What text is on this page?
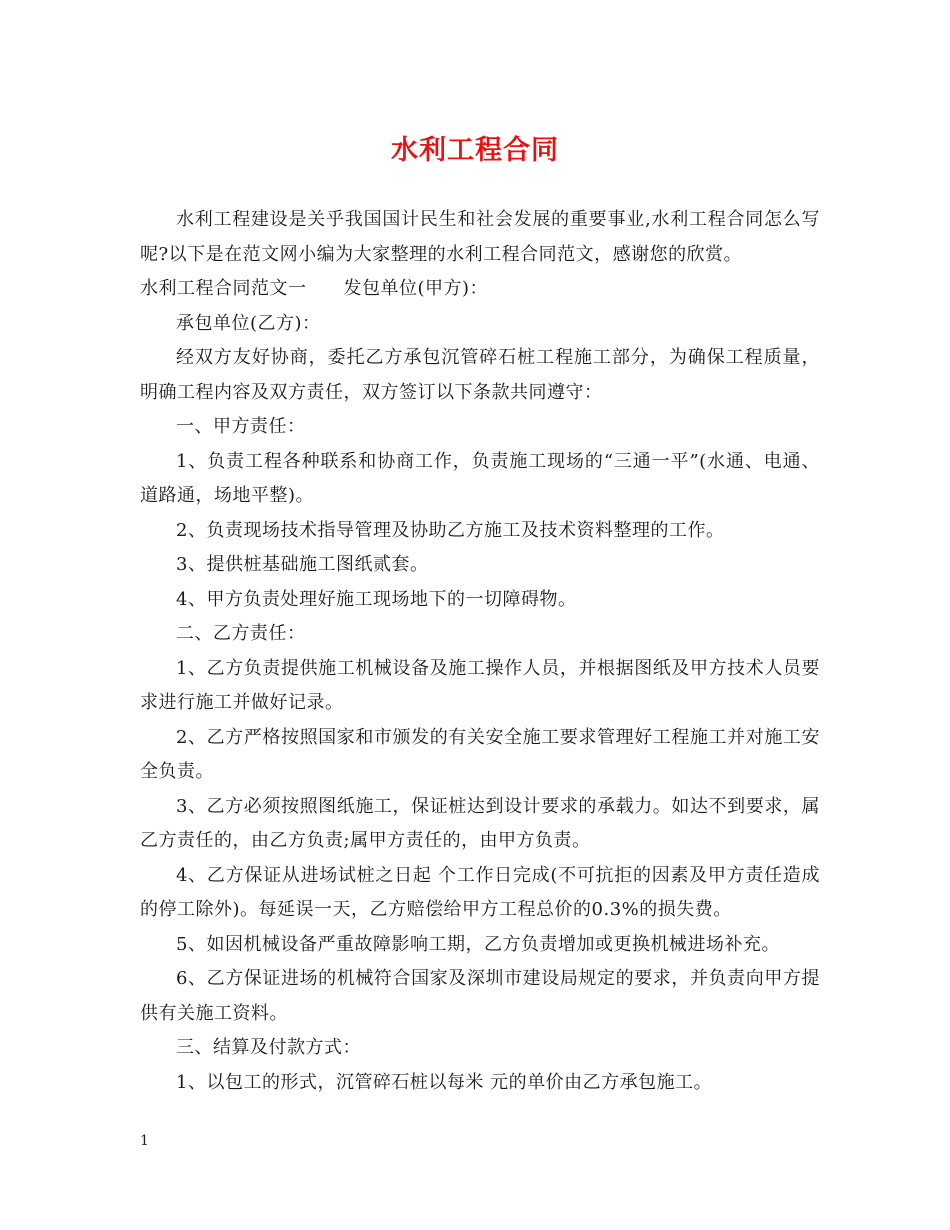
水利工程合同

水利工程建设是关乎我国国计民生和社会发展的重要事业,水利工程合同怎么写呢?以下是在范文网小编为大家整理的水利工程合同范文，感谢您的欣赏。

水利工程合同范文一　　发包单位(甲方)：

承包单位(乙方)：

经双方友好协商，委托乙方承包沉管碎石桩工程施工部分，为确保工程质量，明确工程内容及双方责任，双方签订以下条款共同遵守：

一、甲方责任：

1、负责工程各种联系和协商工作，负责施工现场的“三通一平”(水通、电通、道路通，场地平整)。

2、负责现场技术指导管理及协助乙方施工及技术资料整理的工作。

3、提供桩基础施工图纸贰套。

4、甲方负责处理好施工现场地下的一切障碍物。

二、乙方责任：

1、乙方负责提供施工机械设备及施工操作人员，并根据图纸及甲方技术人员要求进行施工并做好记录。

2、乙方严格按照国家和市颁发的有关安全施工要求管理好工程施工并对施工安全负责。

3、乙方必须按照图纸施工，保证桩达到设计要求的承载力。如达不到要求，属乙方责任的，由乙方负责;属甲方责任的，由甲方负责。

4、乙方保证从进场试桩之日起 个工作日完成(不可抗拒的因素及甲方责任造成的停工除外)。每延误一天，乙方赔偿给甲方工程总价的0.3%的损失费。

5、如因机械设备严重故障影响工期，乙方负责增加或更换机械进场补充。

6、乙方保证进场的机械符合国家及深圳市建设局规定的要求，并负责向甲方提供有关施工资料。

三、结算及付款方式：

1、以包工的形式，沉管碎石桩以每米 元的单价由乙方承包施工。

1
